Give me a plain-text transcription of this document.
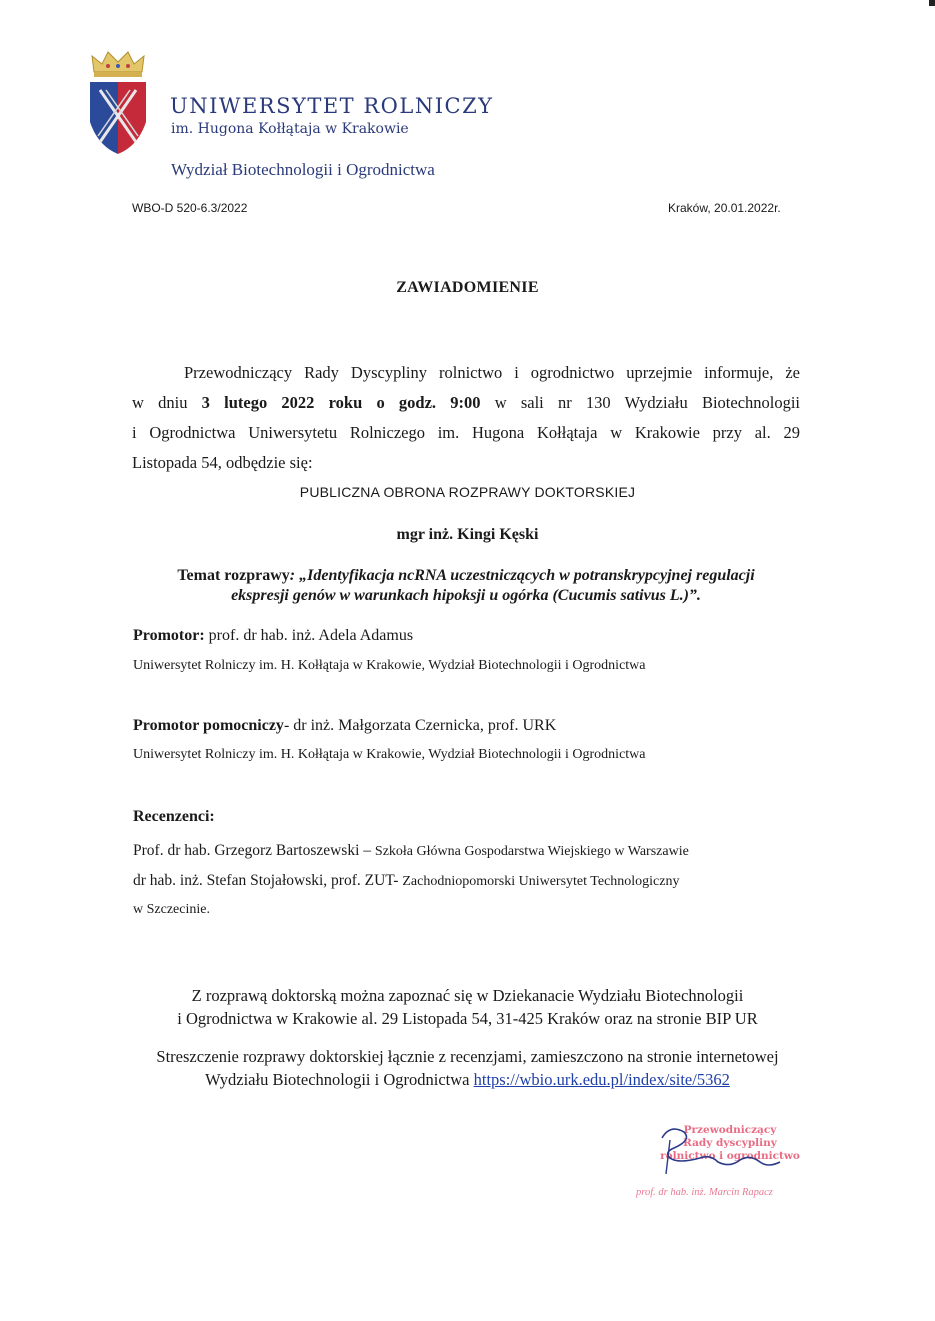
UNIWERSYTET ROLNICZY
im. Hugona Kołłątaja w Krakowie
Wydział Biotechnologii i Ogrodnictwa
WBO-D 520-6.3/2022	Kraków, 20.01.2022r.
ZAWIADOMIENIE
Przewodniczący Rady Dyscypliny rolnictwo i ogrodnictwo uprzejmie informuje, że
w dniu 3 lutego 2022 roku o godz. 9:00 w sali nr 130 Wydziału Biotechnologii
i Ogrodnictwa Uniwersytetu Rolniczego im. Hugona Kołłątaja w Krakowie przy al. 29
Listopada 54, odbędzie się:
PUBLICZNA OBRONA ROZPRAWY DOKTORSKIEJ
mgr inż. Kingi Kęski
Temat rozprawy: „Identyfikacja ncRNA uczestniczących w potranskrypcyjnej regulacji
ekspresji genów w warunkach hipoksji u ogórka (Cucumis sativus L.)”.
Promotor: prof. dr hab. inż. Adela Adamus
Uniwersytet Rolniczy im. H. Kołłątaja w Krakowie, Wydział Biotechnologii i Ogrodnictwa
Promotor pomocniczy- dr inż. Małgorzata Czernicka, prof. URK
Uniwersytet Rolniczy im. H. Kołłątaja w Krakowie, Wydział Biotechnologii i Ogrodnictwa
Recenzenci:
Prof. dr hab. Grzegorz Bartoszewski – Szkoła Główna Gospodarstwa Wiejskiego w Warszawie
dr hab. inż. Stefan Stojałowski, prof. ZUT- Zachodniopomorski Uniwersytet Technologiczny
w Szczecinie.
Z rozprawą doktorską można zapoznać się w Dziekanacie Wydziału Biotechnologii
i Ogrodnictwa w Krakowie al. 29 Listopada 54, 31-425 Kraków oraz na stronie BIP UR
Streszczenie rozprawy doktorskiej łącznie z recenzjami, zamieszczono na stronie internetowej
Wydziału Biotechnologii i Ogrodnictwa https://wbio.urk.edu.pl/index/site/5362
Przewodniczący
Rady dyscypliny
rolnictwo i ogrodnictwo
prof. dr hab. inż. Marcin Rapacz
